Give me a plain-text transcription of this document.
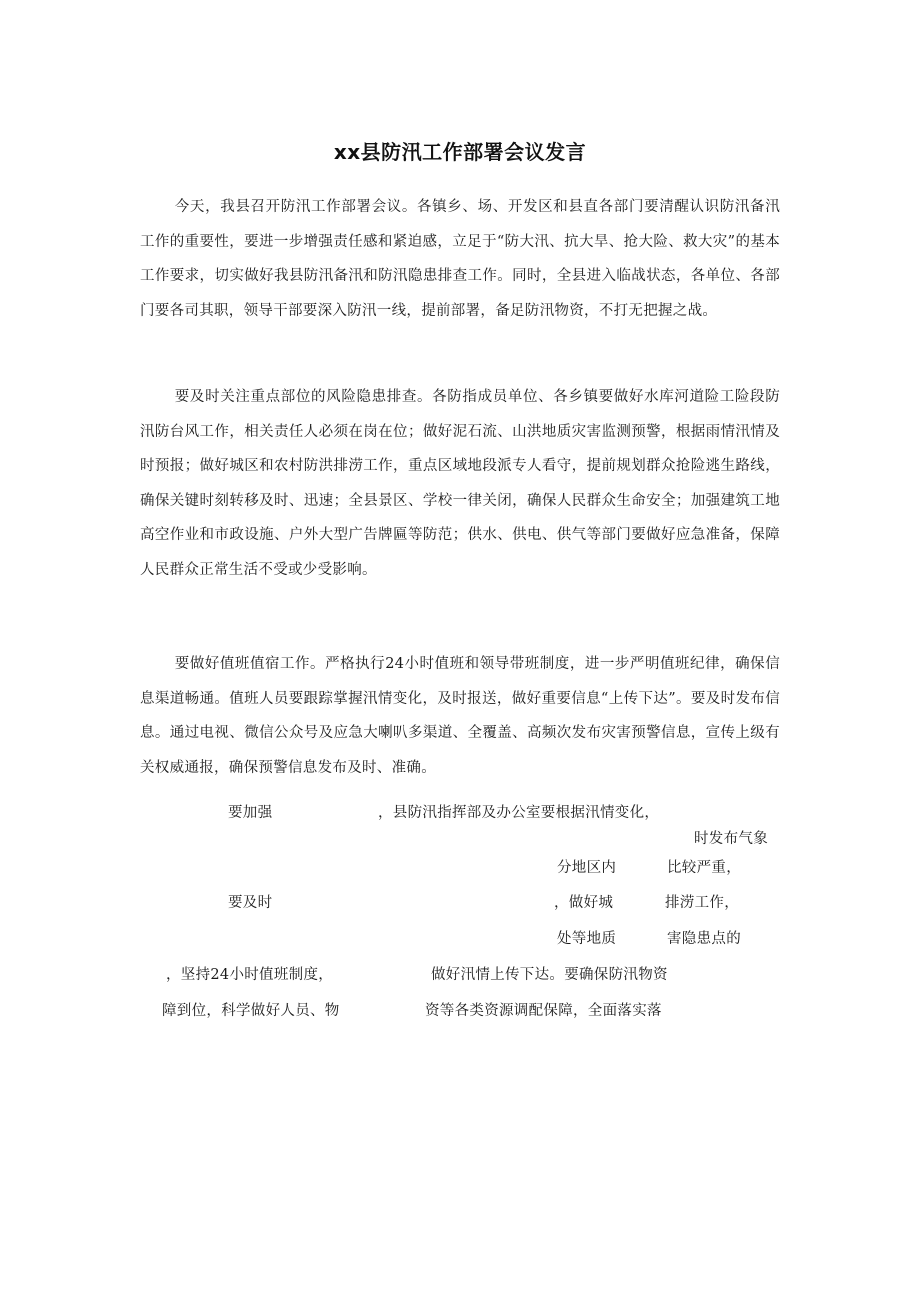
xx县防汛工作部署会议发言

今天，我县召开防汛工作部署会议。各镇乡、场、开发区和县直各部门要清醒认识防汛备汛工作的重要性，要进一步增强责任感和紧迫感，立足于“防大汛、抗大旱、抢大险、救大灾”的基本工作要求，切实做好我县防汛备汛和防汛隐患排查工作。同时，全县进入临战状态，各单位、各部门要各司其职，领导干部要深入防汛一线，提前部署，备足防汛物资，不打无把握之战。

要及时关注重点部位的风险隐患排查。各防指成员单位、各乡镇要做好水库河道险工险段防汛防台风工作，相关责任人必须在岗在位；做好泥石流、山洪地质灾害监测预警，根据雨情汛情及时预报；做好城区和农村防洪排涝工作，重点区域地段派专人看守，提前规划群众抢险逃生路线，确保关键时刻转移及时、迅速；全县景区、学校一律关闭，确保人民群众生命安全；加强建筑工地高空作业和市政设施、户外大型广告牌匾等防范；供水、供电、供气等部门要做好应急准备，保障人民群众正常生活不受或少受影响。

要做好值班值宿工作。严格执行24小时值班和领导带班制度，进一步严明值班纪律，确保信息渠道畅通。值班人员要跟踪掌握汛情变化，及时报送，做好重要信息“上传下达”。要及时发布信息。通过电视、微信公众号及应急大喇叭多渠道、全覆盖、高频次发布灾害预警信息，宣传上级有关权威通报，确保预警信息发布及时、准确。

要加强	，县防汛指挥部及办公室要根据汛情变化，
时发布气象
分地区内	比较严重，
要及时	，做好城	排涝工作，
处等地质	害隐患点的
，坚持24小时值班制度，	做好汛情上传下达。要确保防汛物资
障到位，科学做好人员、物	资等各类资源调配保障，全面落实落
